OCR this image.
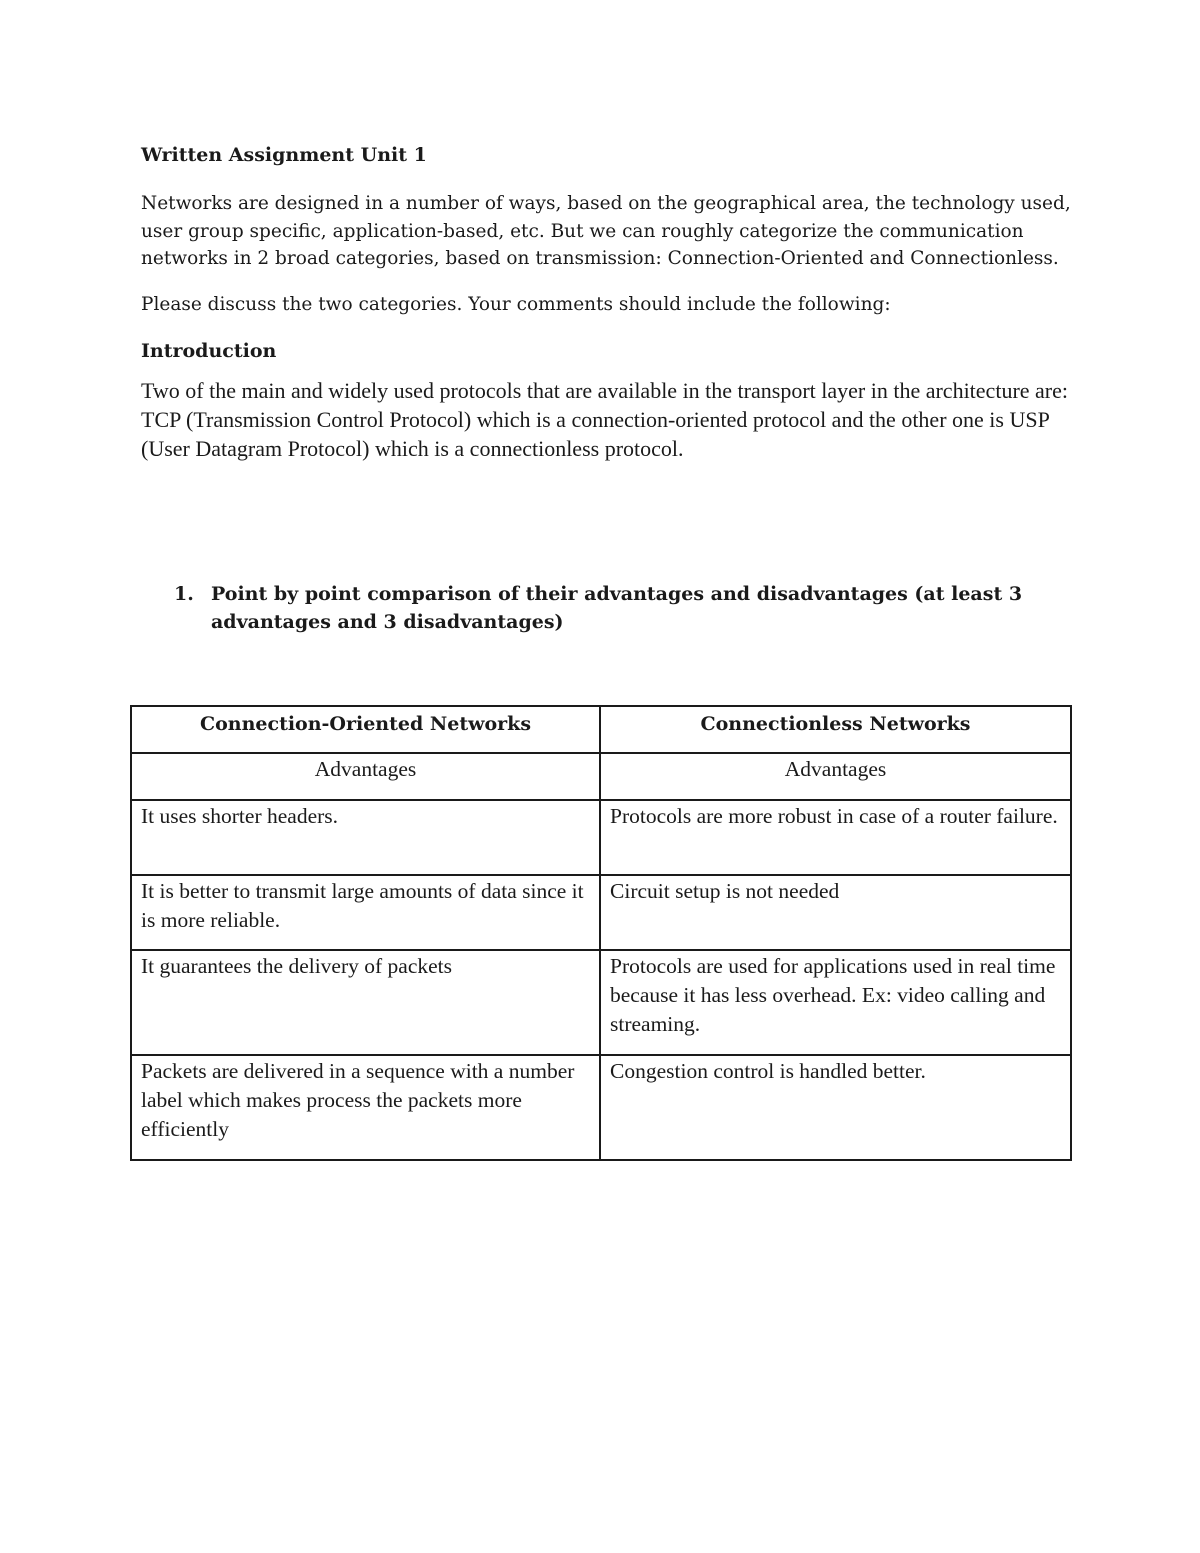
Written Assignment Unit 1

Networks are designed in a number of ways, based on the geographical area, the technology used, user group specific, application-based, etc. But we can roughly categorize the communication networks in 2 broad categories, based on transmission: Connection-Oriented and Connectionless.

Please discuss the two categories. Your comments should include the following:

Introduction

Two of the main and widely used protocols that are available in the transport layer in the architecture are: TCP (Transmission Control Protocol) which is a connection-oriented protocol and the other one is USP (User Datagram Protocol) which is a connectionless protocol.

1. Point by point comparison of their advantages and disadvantages (at least 3 advantages and 3 disadvantages)
Connection-Oriented Networks	Connectionless Networks
Advantages	Advantages
It uses shorter headers.	Protocols are more robust in case of a router failure.
It is better to transmit large amounts of data since it is more reliable.	Circuit setup is not needed
It guarantees the delivery of packets	Protocols are used for applications used in real time because it has less overhead. Ex: video calling and streaming.
Packets are delivered in a sequence with a number label which makes process the packets more efficiently	Congestion control is handled better.
